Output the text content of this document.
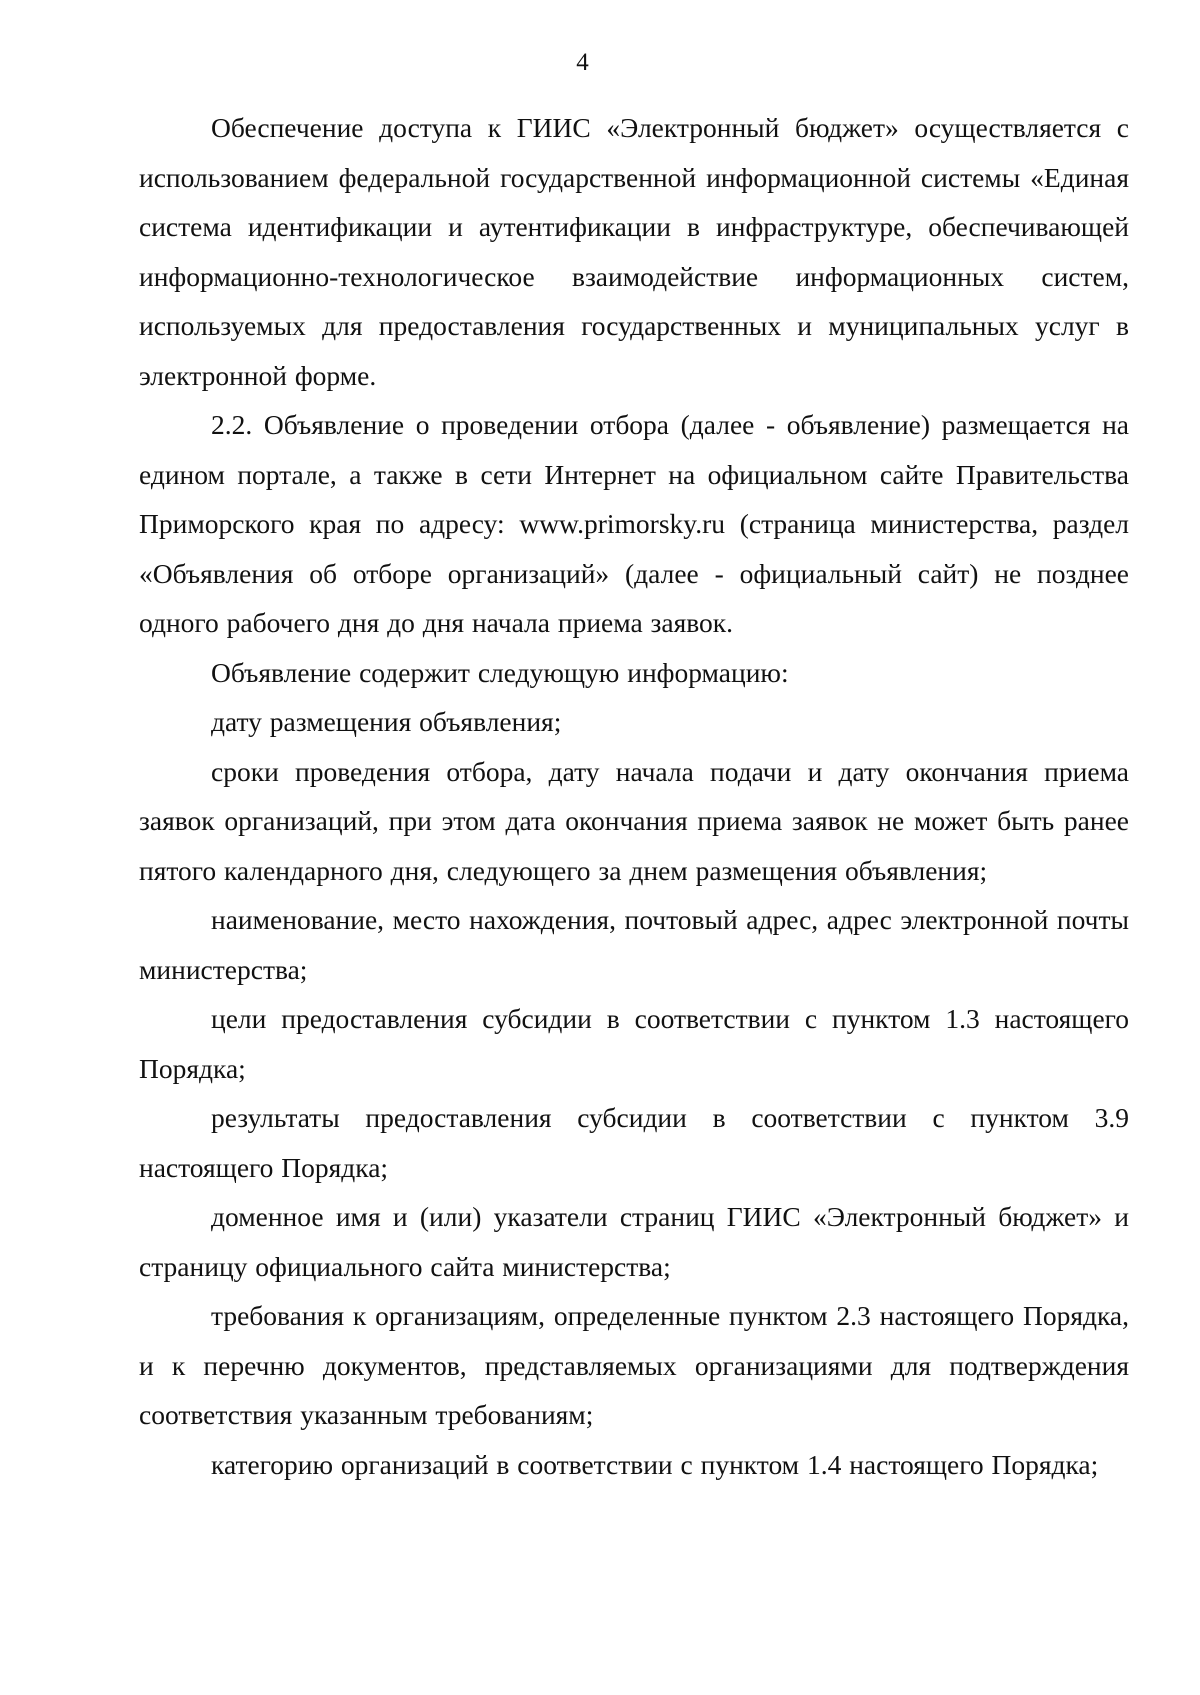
4

Обеспечение доступа к ГИИС «Электронный бюджет» осуществляется с использованием федеральной государственной информационной системы «Единая система идентификации и аутентификации в инфраструктуре, обеспечивающей информационно-технологическое взаимодействие информационных систем, используемых для предоставления государственных и муниципальных услуг в электронной форме.

2.2. Объявление о проведении отбора (далее - объявление) размещается на едином портале, а также в сети Интернет на официальном сайте Правительства Приморского края по адресу: www.primorsky.ru (страница министерства, раздел «Объявления об отборе организаций» (далее - официальный сайт) не позднее одного рабочего дня до дня начала приема заявок.

Объявление содержит следующую информацию:

дату размещения объявления;

сроки проведения отбора, дату начала подачи и дату окончания приема заявок организаций, при этом дата окончания приема заявок не может быть ранее пятого календарного дня, следующего за днем размещения объявления;

наименование, место нахождения, почтовый адрес, адрес электронной почты министерства;

цели предоставления субсидии в соответствии с пунктом 1.3 настоящего Порядка;

результаты предоставления субсидии в соответствии с пунктом 3.9 настоящего Порядка;

доменное имя и (или) указатели страниц ГИИС «Электронный бюджет» и страницу официального сайта министерства;

требования к организациям, определенные пунктом 2.3 настоящего Порядка, и к перечню документов, представляемых организациями для подтверждения соответствия указанным требованиям;

категорию организаций в соответствии с пунктом 1.4 настоящего Порядка;
